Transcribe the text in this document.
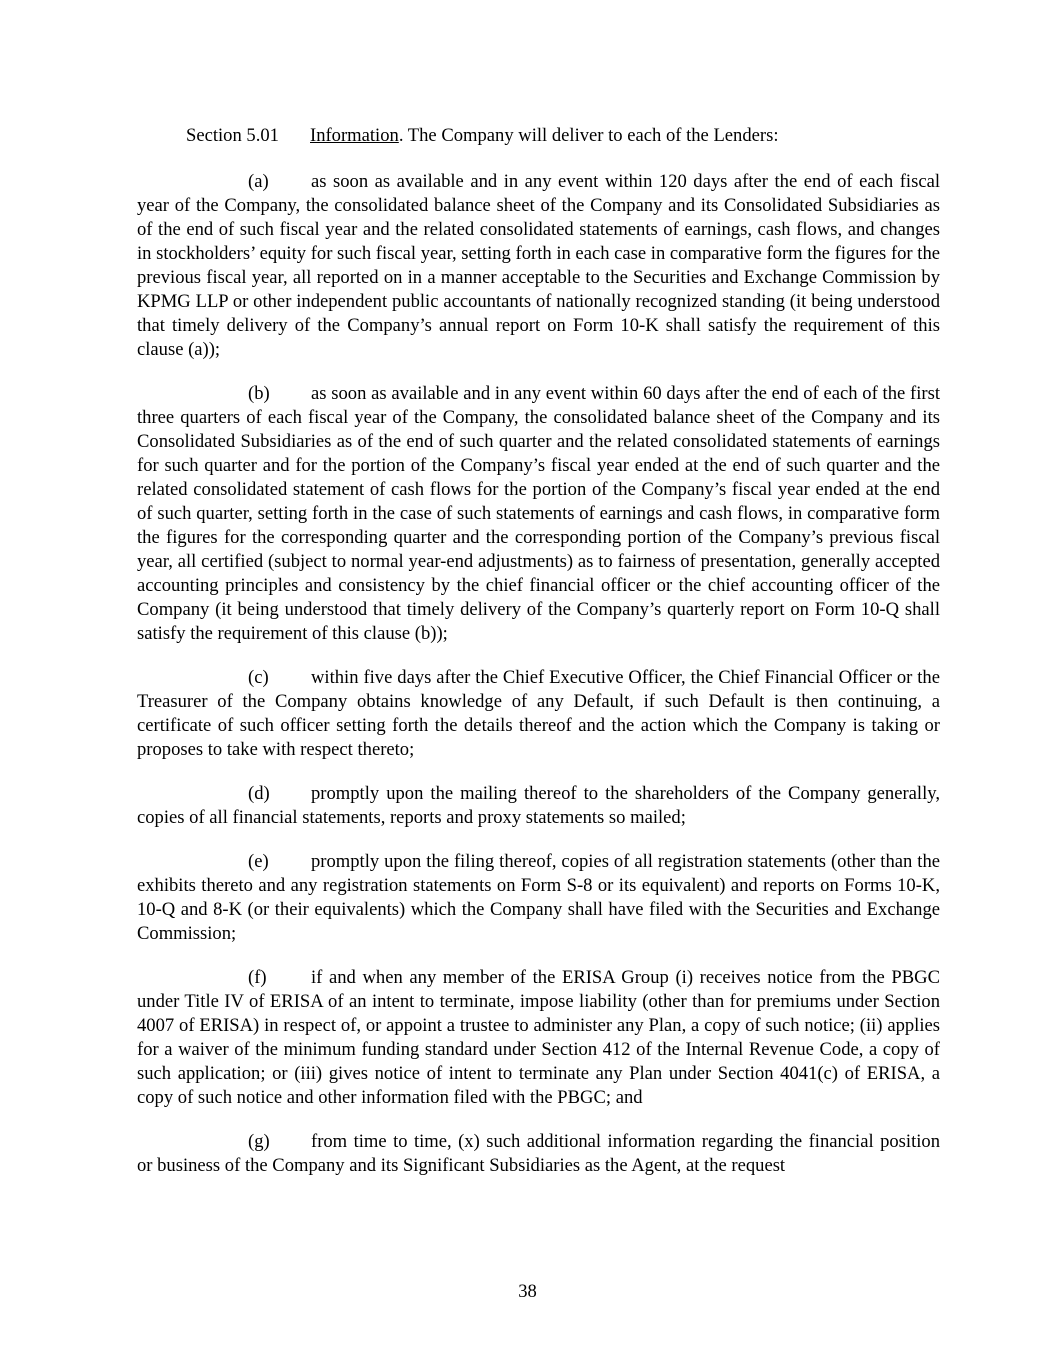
Section 5.01 Information. The Company will deliver to each of the Lenders:

(a) as soon as available and in any event within 120 days after the end of each fiscal year of the Company, the consolidated balance sheet of the Company and its Consolidated Subsidiaries as of the end of such fiscal year and the related consolidated statements of earnings, cash flows, and changes in stockholders’ equity for such fiscal year, setting forth in each case in comparative form the figures for the previous fiscal year, all reported on in a manner acceptable to the Securities and Exchange Commission by KPMG LLP or other independent public accountants of nationally recognized standing (it being understood that timely delivery of the Company’s annual report on Form 10-K shall satisfy the requirement of this clause (a));

(b) as soon as available and in any event within 60 days after the end of each of the first three quarters of each fiscal year of the Company, the consolidated balance sheet of the Company and its Consolidated Subsidiaries as of the end of such quarter and the related consolidated statements of earnings for such quarter and for the portion of the Company’s fiscal year ended at the end of such quarter and the related consolidated statement of cash flows for the portion of the Company’s fiscal year ended at the end of such quarter, setting forth in the case of such statements of earnings and cash flows, in comparative form the figures for the corresponding quarter and the corresponding portion of the Company’s previous fiscal year, all certified (subject to normal year-end adjustments) as to fairness of presentation, generally accepted accounting principles and consistency by the chief financial officer or the chief accounting officer of the Company (it being understood that timely delivery of the Company’s quarterly report on Form 10-Q shall satisfy the requirement of this clause (b));

(c) within five days after the Chief Executive Officer, the Chief Financial Officer or the Treasurer of the Company obtains knowledge of any Default, if such Default is then continuing, a certificate of such officer setting forth the details thereof and the action which the Company is taking or proposes to take with respect thereto;

(d) promptly upon the mailing thereof to the shareholders of the Company generally, copies of all financial statements, reports and proxy statements so mailed;

(e) promptly upon the filing thereof, copies of all registration statements (other than the exhibits thereto and any registration statements on Form S-8 or its equivalent) and reports on Forms 10-K, 10-Q and 8-K (or their equivalents) which the Company shall have filed with the Securities and Exchange Commission;

(f) if and when any member of the ERISA Group (i) receives notice from the PBGC under Title IV of ERISA of an intent to terminate, impose liability (other than for premiums under Section 4007 of ERISA) in respect of, or appoint a trustee to administer any Plan, a copy of such notice; (ii) applies for a waiver of the minimum funding standard under Section 412 of the Internal Revenue Code, a copy of such application; or (iii) gives notice of intent to terminate any Plan under Section 4041(c) of ERISA, a copy of such notice and other information filed with the PBGC; and

(g) from time to time, (x) such additional information regarding the financial position or business of the Company and its Significant Subsidiaries as the Agent, at the request

38
